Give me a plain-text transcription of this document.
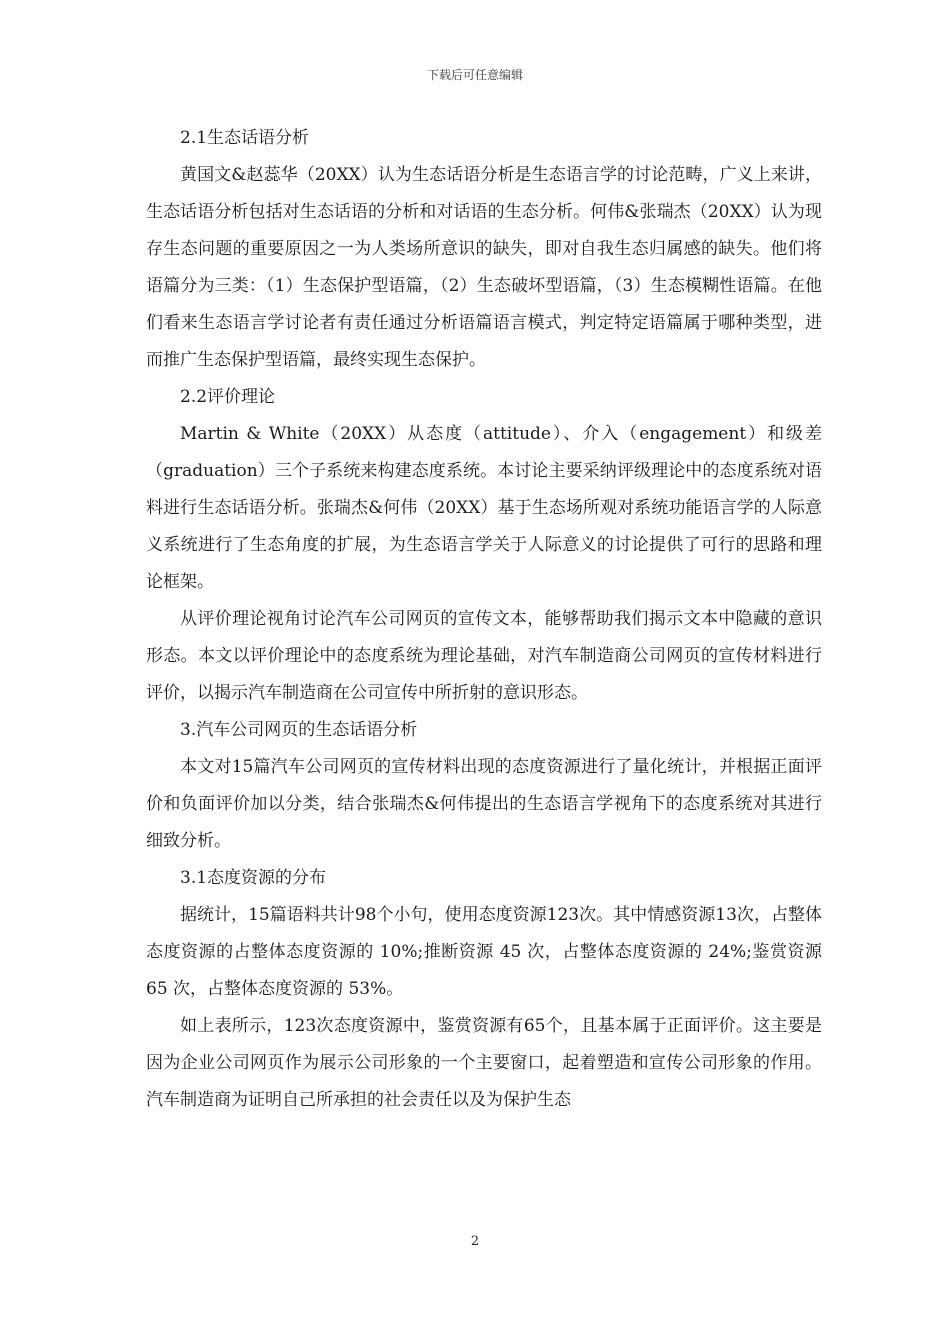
下载后可任意编辑

2.1生态话语分析

黄国文&赵蕊华（20XX）认为生态话语分析是生态语言学的讨论范畴，广义上来讲，生态话语分析包括对生态话语的分析和对话语的生态分析。何伟&张瑞杰（20XX）认为现存生态问题的重要原因之一为人类场所意识的缺失，即对自我生态归属感的缺失。他们将语篇分为三类：（1）生态保护型语篇，（2）生态破坏型语篇，（3）生态模糊性语篇。在他们看来生态语言学讨论者有责任通过分析语篇语言模式，判定特定语篇属于哪种类型，进而推广生态保护型语篇，最终实现生态保护。

2.2评价理论

Martin & White（20XX）从态度（attitude）、介入（engagement）和级差（graduation）三个子系统来构建态度系统。本讨论主要采纳评级理论中的态度系统对语料进行生态话语分析。张瑞杰&何伟（20XX）基于生态场所观对系统功能语言学的人际意义系统进行了生态角度的扩展，为生态语言学关于人际意义的讨论提供了可行的思路和理论框架。

从评价理论视角讨论汽车公司网页的宣传文本，能够帮助我们揭示文本中隐藏的意识形态。本文以评价理论中的态度系统为理论基础，对汽车制造商公司网页的宣传材料进行评价，以揭示汽车制造商在公司宣传中所折射的意识形态。

3.汽车公司网页的生态话语分析

本文对15篇汽车公司网页的宣传材料出现的态度资源进行了量化统计，并根据正面评价和负面评价加以分类，结合张瑞杰&何伟提出的生态语言学视角下的态度系统对其进行细致分析。

3.1态度资源的分布

据统计，15篇语料共计98个小句，使用态度资源123次。其中情感资源13次，占整体态度资源的占整体态度资源的 10%;推断资源 45 次，占整体态度资源的 24%;鉴赏资源 65 次，占整体态度资源的 53%。

如上表所示，123次态度资源中，鉴赏资源有65个，且基本属于正面评价。这主要是因为企业公司网页作为展示公司形象的一个主要窗口，起着塑造和宣传公司形象的作用。汽车制造商为证明自己所承担的社会责任以及为保护生态

2
